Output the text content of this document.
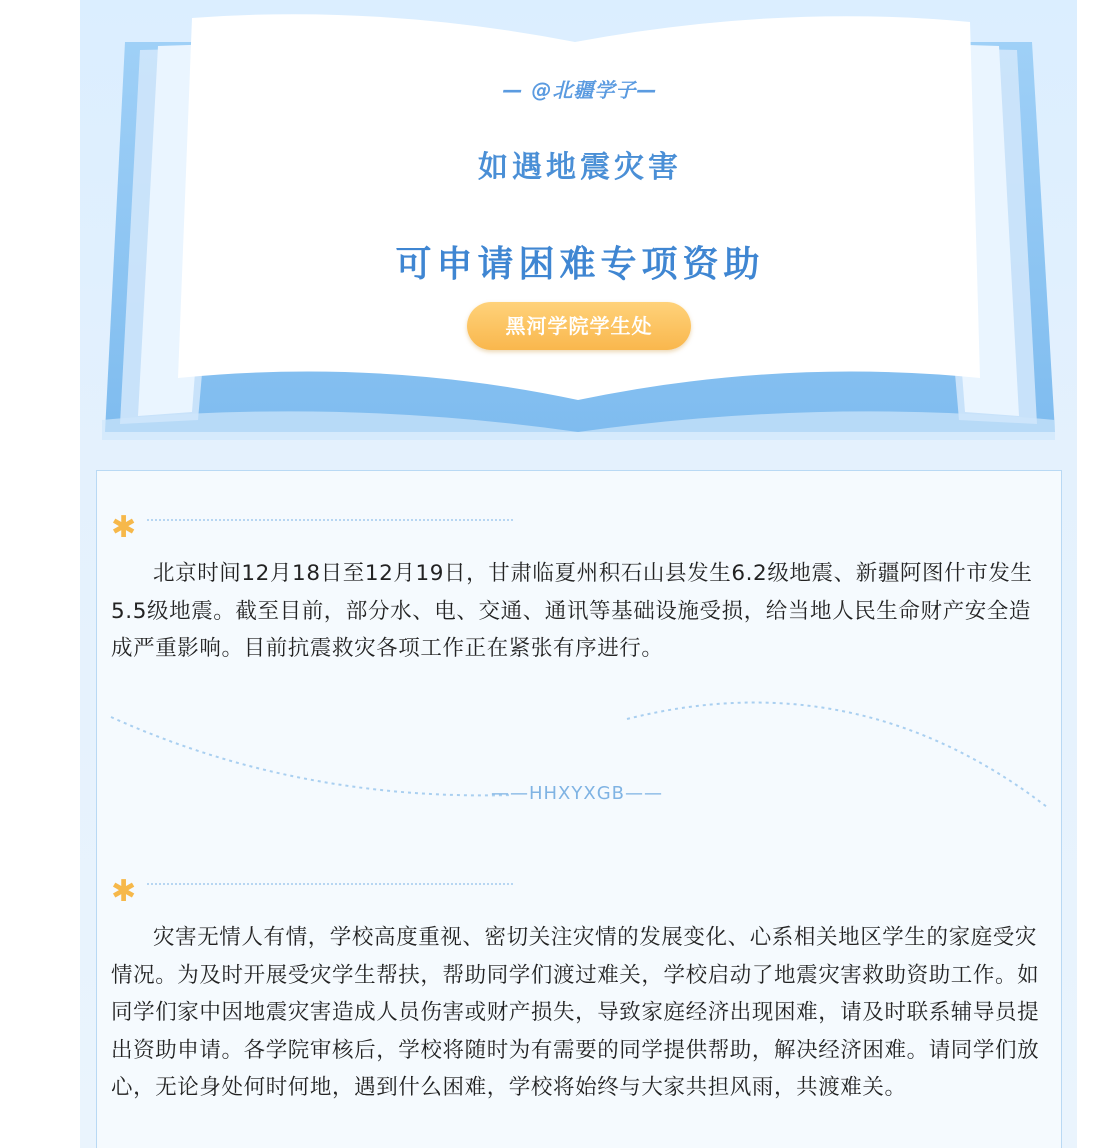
— @北疆学子—
如遇地震灾害
可申请困难专项资助
黑河学院学生处
✱

北京时间12月18日至12月19日，甘肃临夏州积石山县发生6.2级地震、新疆阿图什市发生5.5级地震。截至目前，部分水、电、交通、通讯等基础设施受损，给当地人民生命财产安全造成严重影响。目前抗震救灾各项工作正在紧张有序进行。

——HHXYXGB——
✱

灾害无情人有情，学校高度重视、密切关注灾情的发展变化、心系相关地区学生的家庭受灾情况。为及时开展受灾学生帮扶，帮助同学们渡过难关，学校启动了地震灾害救助资助工作。如同学们家中因地震灾害造成人员伤害或财产损失，导致家庭经济出现困难，请及时联系辅导员提出资助申请。各学院审核后，学校将随时为有需要的同学提供帮助，解决经济困难。请同学们放心，无论身处何时何地，遇到什么困难，学校将始终与大家共担风雨，共渡难关。
